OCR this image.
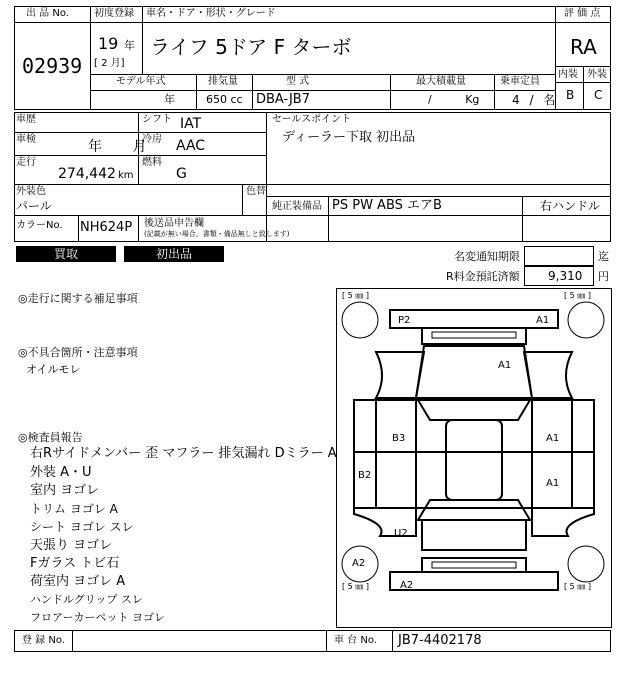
出 品 No.
02939
初度登録
19 年
[ 2 月]
車名・ドア・形状・グレード
ライフ 5ドア F ターボ
評 価 点
RA
内装 外装
B C
モデル年式	排気量	型 式	最大積載量	乗車定員
年	650 cc DBA-JB7	/ Kg	4 / 名
車歴	シフト IAT
車検	年 月
冷房 AAC
走行
274,442 km
燃料
G
セールスポイント
ディーラー下取 初出品
外装色
パール
色替
純正装備品 PS PW ABS エアB	右ハンドル
カラーNo. NH624P 後送品申告欄
(記載が無い場合、書類・備品無しと致します)
買取	初出品	名変通知期限	迄
R料金預託済額 9,310 円
◎走行に関する補足事項
◎不具合箇所・注意事項
オイルモレ
◎検査員報告
右Rサイドメンバー 歪 マフラー 排気漏れ Dミラー A
外装 A・U
室内 ヨゴレ
トリム ヨゴレ A
シート ヨゴレ スレ
天張り ヨゴレ
Fガラス トビ石
荷室内 ヨゴレ A
ハンドルグリップ スレ
フロアーカーペット ヨゴレ
[ 5 ㎜ ]	[ 5 ㎜ ]
[ 5 ㎜ ]	[ 5 ㎜ ]
P2	A1
A1
B3	A1
B2
A1
U2
A2
A2
登 録 No.	車 台 No. JB7-4402178
